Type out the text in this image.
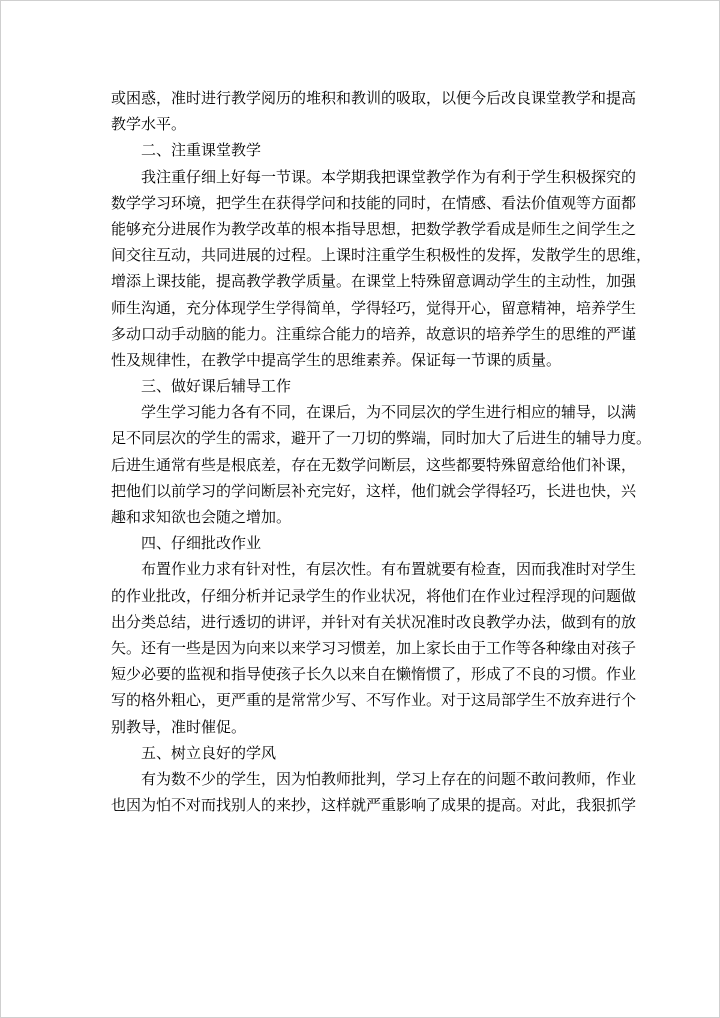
或困惑，准时进行教学阅历的堆积和教训的吸取，以便今后改良课堂教学和提高
教学水平。
二、注重课堂教学
我注重仔细上好每一节课。本学期我把课堂教学作为有利于学生积极探究的
数学学习环境，把学生在获得学问和技能的同时，在情感、看法价值观等方面都
能够充分进展作为教学改革的根本指导思想，把数学教学看成是师生之间学生之
间交往互动，共同进展的过程。上课时注重学生积极性的发挥，发散学生的思维，
增添上课技能，提高教学教学质量。在课堂上特殊留意调动学生的主动性，加强
师生沟通，充分体现学生学得简单，学得轻巧，觉得开心，留意精神，培养学生
多动口动手动脑的能力。注重综合能力的培养，故意识的培养学生的思维的严谨
性及规律性，在教学中提高学生的思维素养。保证每一节课的质量。
三、做好课后辅导工作
学生学习能力各有不同，在课后，为不同层次的学生进行相应的辅导，以满
足不同层次的学生的需求，避开了一刀切的弊端，同时加大了后进生的辅导力度。
后进生通常有些是根底差，存在无数学问断层，这些都要特殊留意给他们补课，
把他们以前学习的学问断层补充完好，这样，他们就会学得轻巧，长进也快，兴
趣和求知欲也会随之增加。
四、仔细批改作业
布置作业力求有针对性，有层次性。有布置就要有检查，因而我准时对学生
的作业批改，仔细分析并记录学生的作业状况，将他们在作业过程浮现的问题做
出分类总结，进行透切的讲评，并针对有关状况准时改良教学办法，做到有的放
矢。还有一些是因为向来以来学习习惯差，加上家长由于工作等各种缘由对孩子
短少必要的监视和指导使孩子长久以来自在懒惰惯了，形成了不良的习惯。作业
写的格外粗心，更严重的是常常少写、不写作业。对于这局部学生不放弃进行个
别教导，准时催促。
五、树立良好的学风
有为数不少的学生，因为怕教师批判，学习上存在的问题不敢问教师，作业
也因为怕不对而找别人的来抄，这样就严重影响了成果的提高。对此，我狠抓学
